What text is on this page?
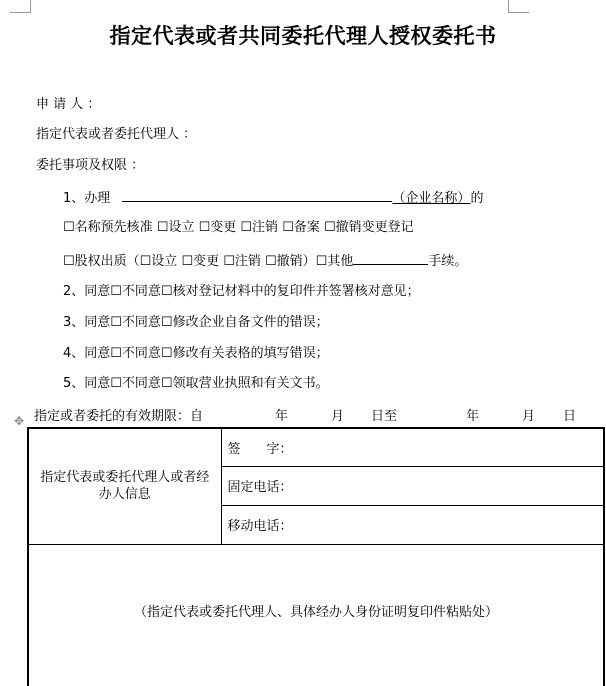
指定代表或者共同委托代理人授权委托书
申 请 人 ：
指定代表或者委托代理人 ：
委托事项及权限 ：
1、办理	（企业名称）的
☐名称预先核准 ☐设立 ☐变更 ☐注销 ☐备案 ☐撤销变更登记
☐股权出质（☐设立 ☐变更 ☐注销 ☐撤销）☐其他	手续。
2、同意☐不同意☐核对登记材料中的复印件并签署核对意见；
3、同意☐不同意☐修改企业自备文件的错误；
4、同意☐不同意☐修改有关表格的填写错误；
5、同意☐不同意☐领取营业执照和有关文书。
✥ 指定或者委托的有效期限：自	年	月 日至	年	月 日
指定代表或委托代理人或者经办人信息	签　　字：
固定电话：
移动电话：
（指定代表或委托代理人、具体经办人身份证明复印件粘贴处）
